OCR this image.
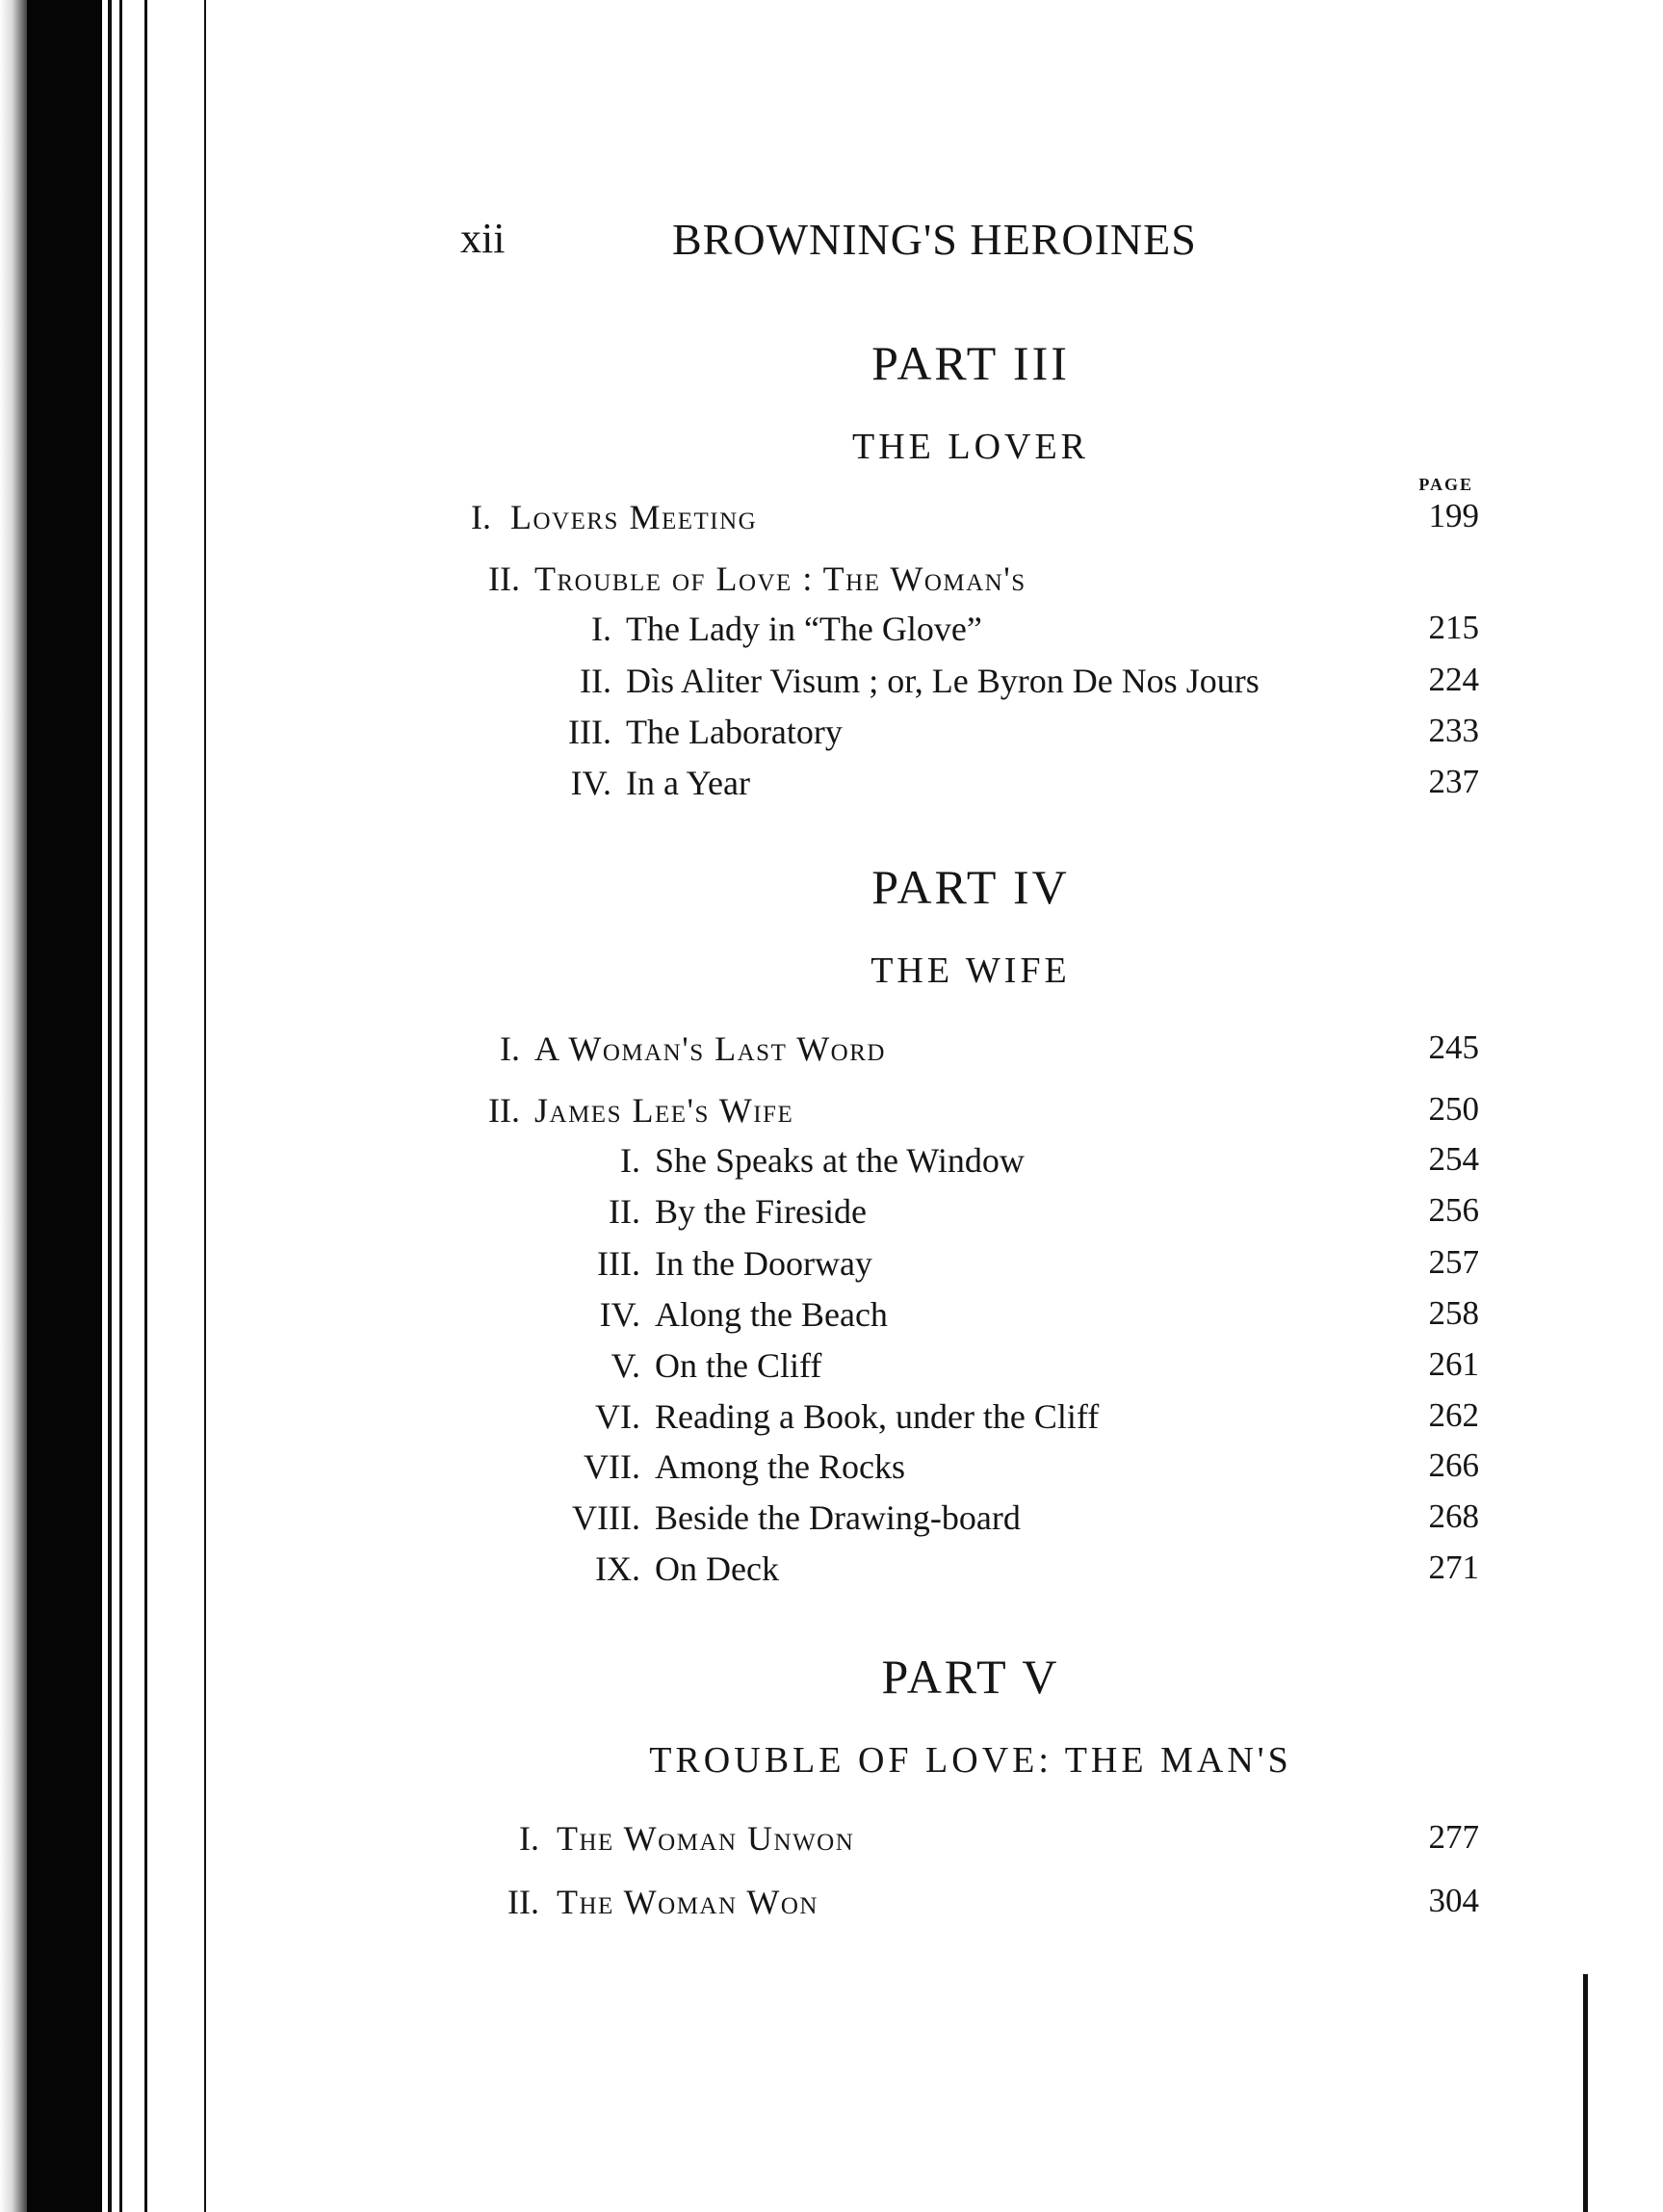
xii	BROWNING'S HEROINES
PART III
THE LOVER
PAGE
I. Lovers Meeting	199
II. Trouble of Love : The Woman's
I. The Lady in “The Glove”	215
II. Dìs Aliter Visum ; or, Le Byron De Nos Jours	224
III. The Laboratory	233
IV. In a Year	237
PART IV
THE WIFE
I. A Woman's Last Word	245
II. James Lee's Wife	250
I. She Speaks at the Window	254
II. By the Fireside	256
III. In the Doorway	257
IV. Along the Beach	258
V. On the Cliff	261
VI. Reading a Book, under the Cliff	262
VII. Among the Rocks	266
VIII. Beside the Drawing-board	268
IX. On Deck	271
PART V
TROUBLE OF LOVE: THE MAN'S
I. The Woman Unwon	277
II. The Woman Won	304
